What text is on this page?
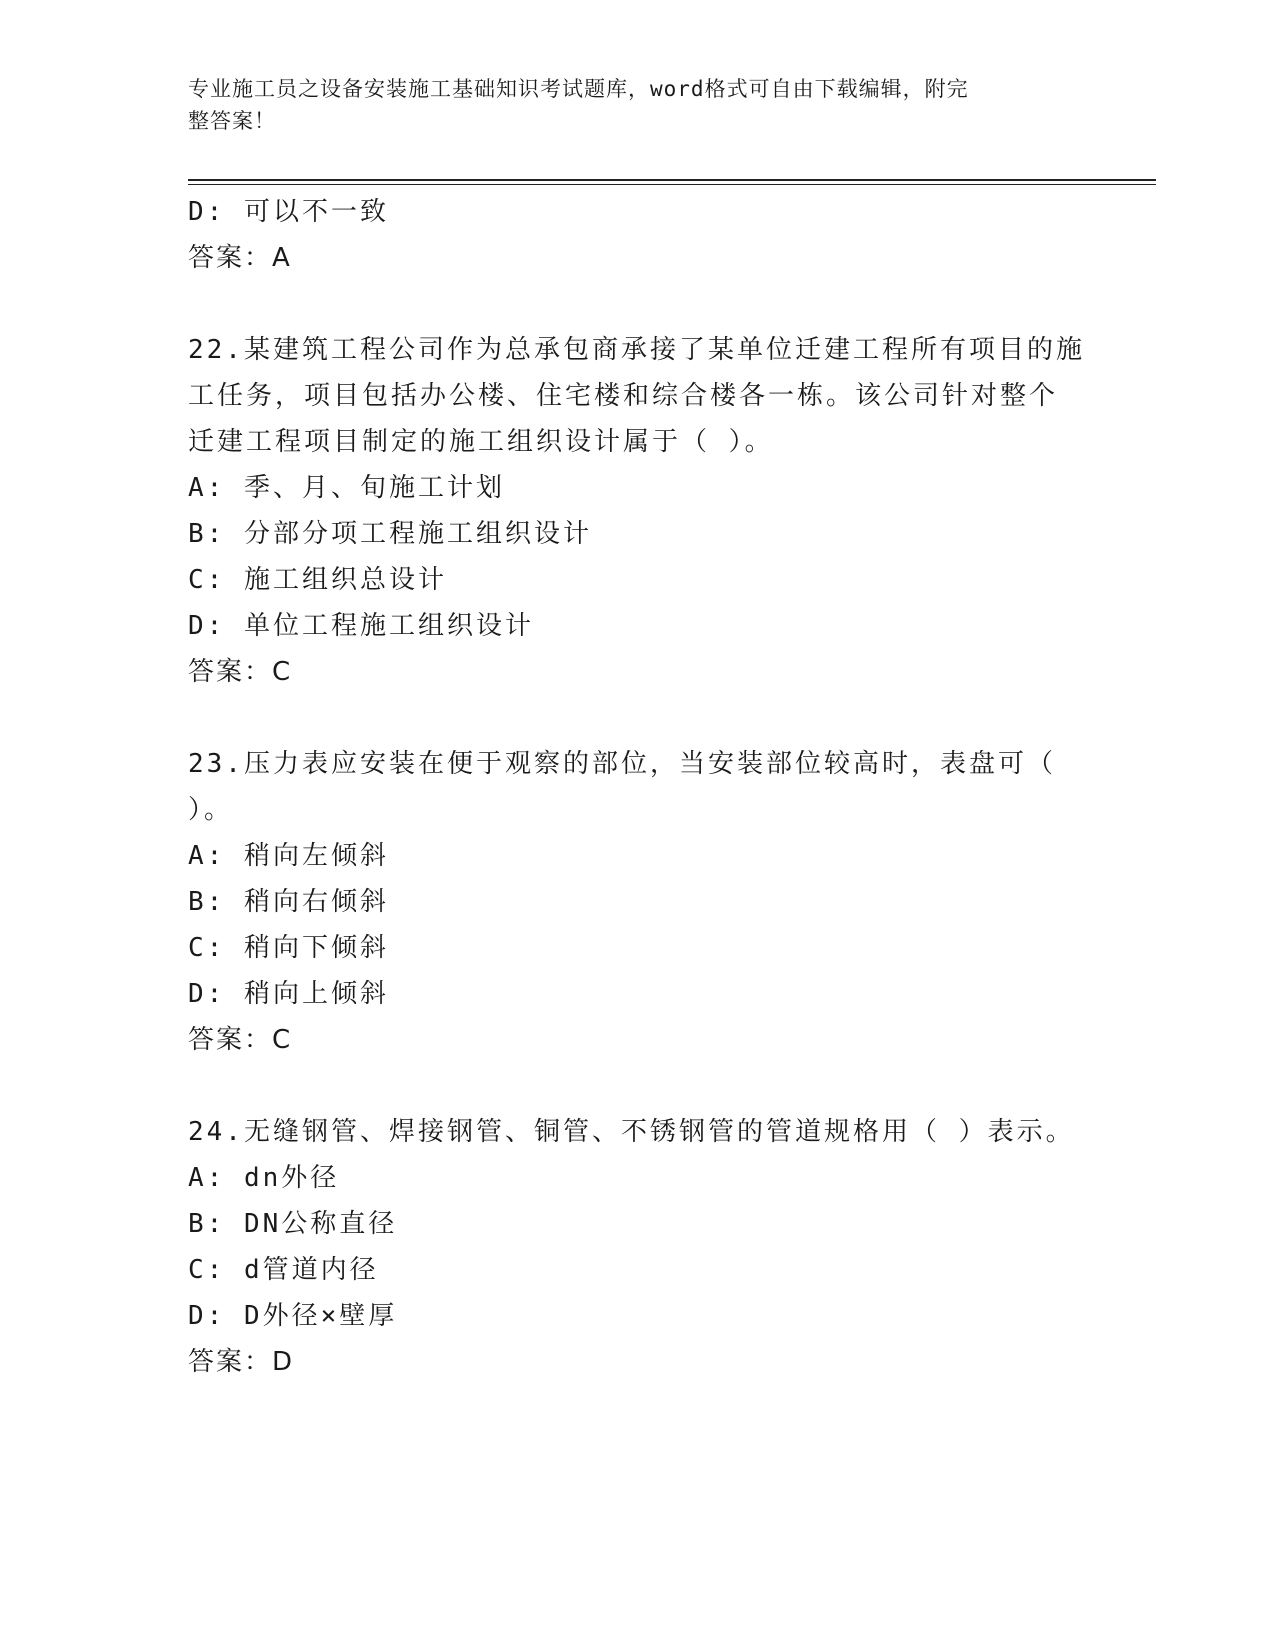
专业施工员之设备安装施工基础知识考试题库，word格式可自由下载编辑，附完
整答案！
D: 可以不一致
答案：A
22.某建筑工程公司作为总承包商承接了某单位迁建工程所有项目的施
工任务，项目包括办公楼、住宅楼和综合楼各一栋。该公司针对整个
迁建工程项目制定的施工组织设计属于（ ）。
A: 季、月、旬施工计划
B: 分部分项工程施工组织设计
C: 施工组织总设计
D: 单位工程施工组织设计
答案：C
23.压力表应安装在便于观察的部位，当安装部位较高时，表盘可（
）。
A: 稍向左倾斜
B: 稍向右倾斜
C: 稍向下倾斜
D: 稍向上倾斜
答案：C
24.无缝钢管、焊接钢管、铜管、不锈钢管的管道规格用（ ）表示。
A: dn外径
B: DN公称直径
C: d管道内径
D: D外径×壁厚
答案：D
